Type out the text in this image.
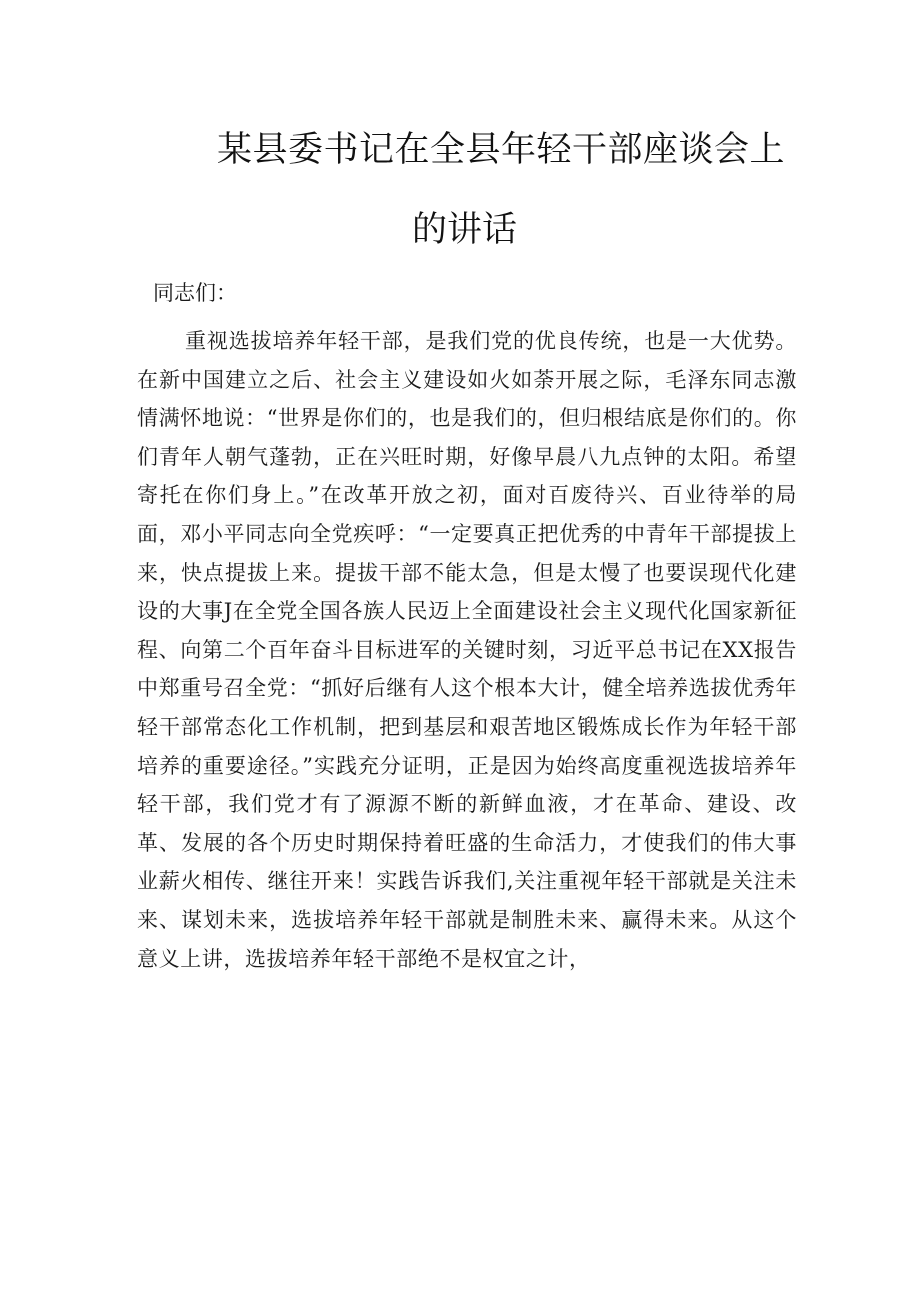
某县委书记在全县年轻干部座谈会上
的讲话
同志们：

重视选拔培养年轻干部，是我们党的优良传统，也是一大优势。在新中国建立之后、社会主义建设如火如荼开展之际，毛泽东同志激情满怀地说：“世界是你们的，也是我们的，但归根结底是你们的。你们青年人朝气蓬勃，正在兴旺时期，好像早晨八九点钟的太阳。希望寄托在你们身上。”在改革开放之初，面对百废待兴、百业待举的局面，邓小平同志向全党疾呼：“一定要真正把优秀的中青年干部提拔上来，快点提拔上来。提拔干部不能太急，但是太慢了也要误现代化建设的大事J在全党全国各族人民迈上全面建设社会主义现代化国家新征程、向第二个百年奋斗目标进军的关键时刻，习近平总书记在XX报告中郑重号召全党：“抓好后继有人这个根本大计，健全培养选拔优秀年轻干部常态化工作机制，把到基层和艰苦地区锻炼成长作为年轻干部培养的重要途径。”实践充分证明，正是因为始终高度重视选拔培养年轻干部，我们党才有了源源不断的新鲜血液，才在革命、建设、改革、发展的各个历史时期保持着旺盛的生命活力，才使我们的伟大事业薪火相传、继往开来！实践告诉我们,关注重视年轻干部就是关注未来、谋划未来，选拔培养年轻干部就是制胜未来、赢得未来。从这个意义上讲，选拔培养年轻干部绝不是权宜之计，
